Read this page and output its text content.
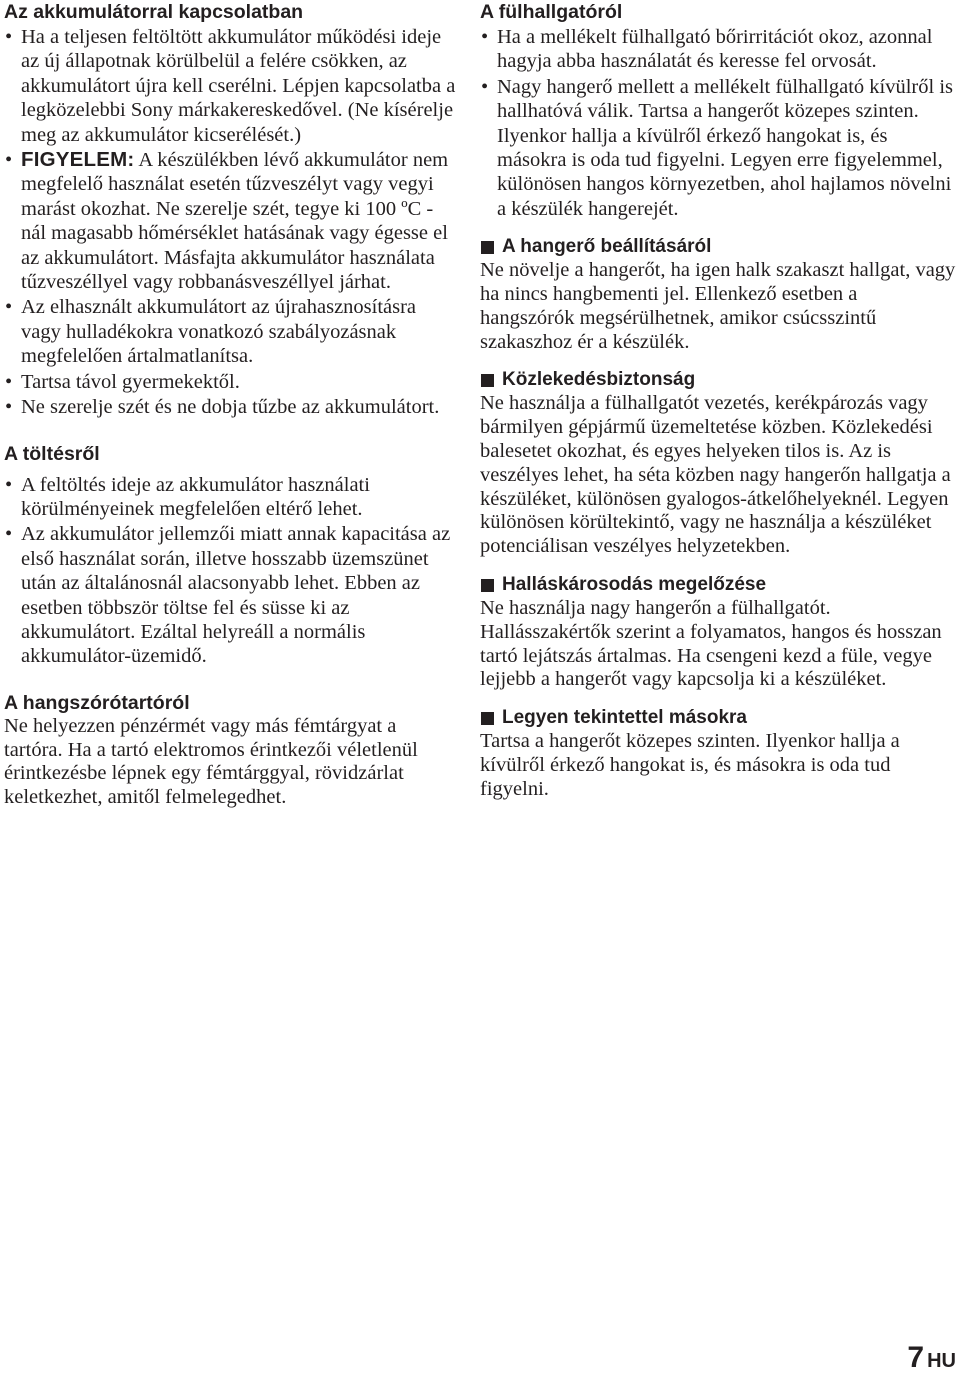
Az akkumulátorral kapcsolatban
• Ha a teljesen feltöltött akkumulátor működési ideje az új állapotnak körülbelül a felére csökken, az akkumulátort újra kell cserélni. Lépjen kapcsolatba a legközelebbi Sony márkakereskedővel. (Ne kísérelje meg az akkumulátor kicserélését.)
• FIGYELEM: A készülékben lévő akkumulátor nem megfelelő használat esetén tűzveszélyt vagy vegyi marást okozhat. Ne szerelje szét, tegye ki 100 ºC -nál magasabb hőmérséklet hatásának vagy égesse el az akkumulátort. Másfajta akkumulátor használata tűzveszéllyel vagy robbanásveszéllyel járhat.
• Az elhasznált akkumulátort az újrahasznosításra vagy hulladékokra vonatkozó szabályozásnak megfelelően ártalmatlanítsa.
• Tartsa távol gyermekektől.
• Ne szerelje szét és ne dobja tűzbe az akkumulátort.
A töltésről
• A feltöltés ideje az akkumulátor használati körülményeinek megfelelően eltérő lehet.
• Az akkumulátor jellemzői miatt annak kapacitása az első használat során, illetve hosszabb üzemszünet után az általánosnál alacsonyabb lehet. Ebben az esetben többször töltse fel és süsse ki az akkumulátort. Ezáltal helyreáll a normális akkumulátor-üzemidő.
A hangszórótartóról

Ne helyezzen pénzérmét vagy más fémtárgyat a tartóra. Ha a tartó elektromos érintkezői véletlenül érintkezésbe lépnek egy fémtárggyal, rövidzárlat keletkezhet, amitől felmelegedhet.

A fülhallgatóról
• Ha a mellékelt fülhallgató bőrirritációt okoz, azonnal hagyja abba használatát és keresse fel orvosát.
• Nagy hangerő mellett a mellékelt fülhallgató kívülről is hallhatóvá válik. Tartsa a hangerőt közepes szinten. Ilyenkor hallja a kívülről érkező hangokat is, és másokra is oda tud figyelni. Legyen erre figyelemmel, különösen hangos környezetben, ahol hajlamos növelni a készülék hangerejét.
A hangerő beállításáról

Ne növelje a hangerőt, ha igen halk szakaszt hallgat, vagy ha nincs hangbementi jel. Ellenkező esetben a hangszórók megsérülhetnek, amikor csúcsszintű szakaszhoz ér a készülék.

Közlekedésbiztonság

Ne használja a fülhallgatót vezetés, kerékpározás vagy bármilyen gépjármű üzemeltetése közben. Közlekedési balesetet okozhat, és egyes helyeken tilos is. Az is veszélyes lehet, ha séta közben nagy hangerőn hallgatja a készüléket, különösen gyalogos-átkelőhelyeknél. Legyen különösen körültekintő, vagy ne használja a készüléket potenciálisan veszélyes helyzetekben.

Halláskárosodás megelőzése

Ne használja nagy hangerőn a fülhallgatót. Hallásszakértők szerint a folyamatos, hangos és hosszan tartó lejátszás ártalmas. Ha csengeni kezd a füle, vegye lejjebb a hangerőt vagy kapcsolja ki a készüléket.

Legyen tekintettel másokra

Tartsa a hangerőt közepes szinten. Ilyenkor hallja a kívülről érkező hangokat is, és másokra is oda tud figyelni.

7 HU
